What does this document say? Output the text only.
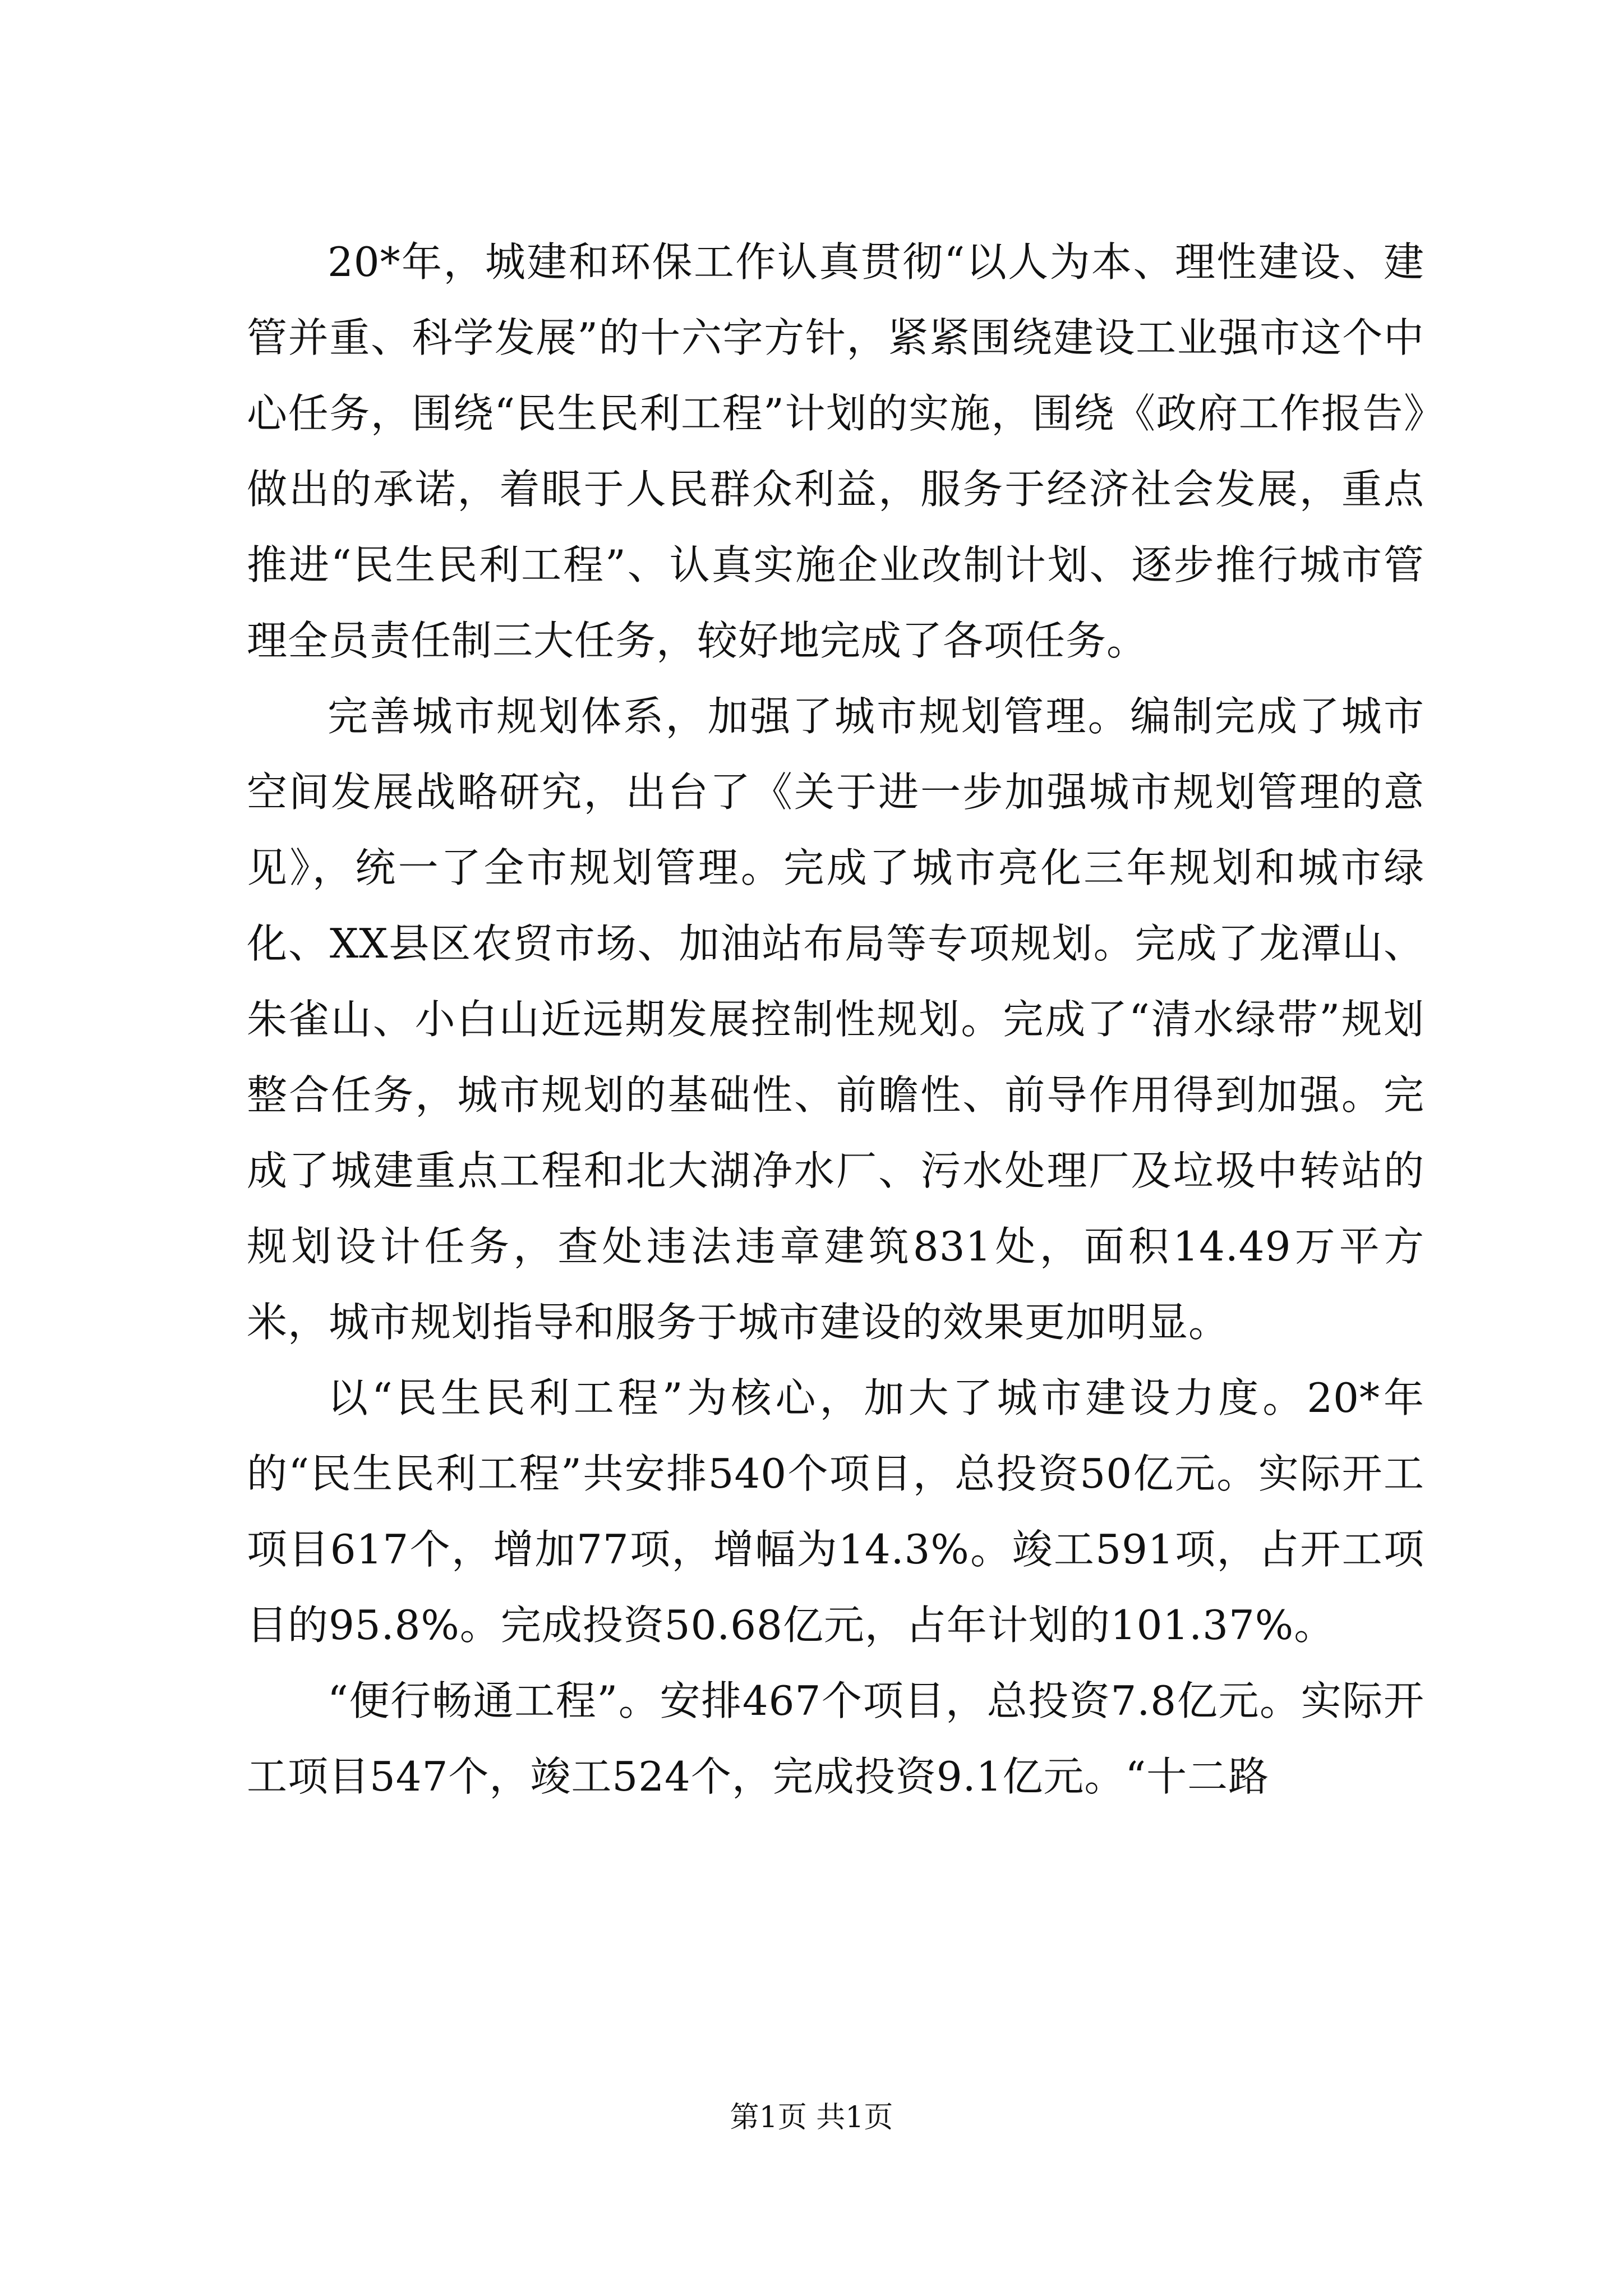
20*年，城建和环保工作认真贯彻“以人为本、理性建设、建管并重、科学发展”的十六字方针，紧紧围绕建设工业强市这个中心任务，围绕“民生民利工程”计划的实施，围绕《政府工作报告》做出的承诺，着眼于人民群众利益，服务于经济社会发展，重点推进“民生民利工程”、认真实施企业改制计划、逐步推行城市管理全员责任制三大任务，较好地完成了各项任务。

完善城市规划体系，加强了城市规划管理。编制完成了城市空间发展战略研究，出台了《关于进一步加强城市规划管理的意见》，统一了全市规划管理。完成了城市亮化三年规划和城市绿化、XX县区农贸市场、加油站布局等专项规划。完成了龙潭山、朱雀山、小白山近远期发展控制性规划。完成了“清水绿带”规划整合任务，城市规划的基础性、前瞻性、前导作用得到加强。完成了城建重点工程和北大湖净水厂、污水处理厂及垃圾中转站的规划设计任务，查处违法违章建筑831处，面积14.49万平方米，城市规划指导和服务于城市建设的效果更加明显。

以“民生民利工程”为核心，加大了城市建设力度。20*年的“民生民利工程”共安排540个项目，总投资50亿元。实际开工项目617个，增加77项，增幅为14.3%。竣工591项，占开工项目的95.8%。完成投资50.68亿元，占年计划的101.37%。

“便行畅通工程”。安排467个项目，总投资7.8亿元。实际开工项目547个，竣工524个，完成投资9.1亿元。“十二路

第1页 共1页
